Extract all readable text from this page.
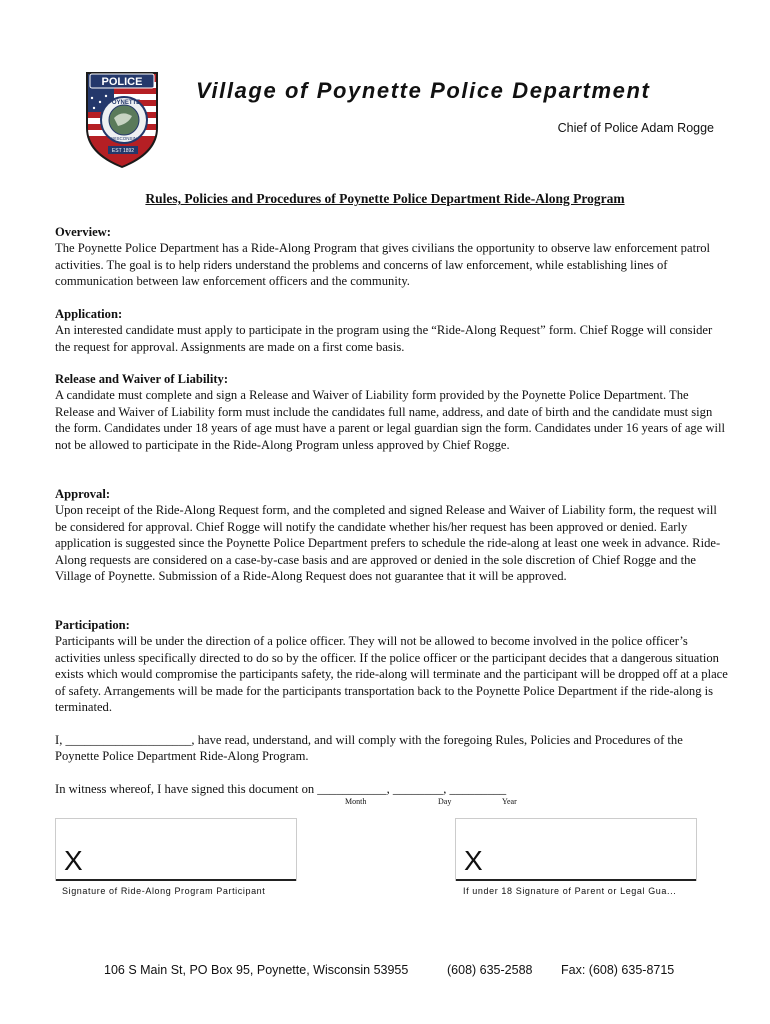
POLICE
POYNETTE
WISCONSIN
EST 1892
Village of Poynette Police Department
Chief of Police Adam Rogge
Rules, Policies and Procedures of Poynette Police Department Ride-Along Program
Overview:

The Poynette Police Department has a Ride-Along Program that gives civilians the opportunity to observe law enforcement patrol activities. The goal is to help riders understand the problems and concerns of law enforcement, while establishing lines of communication between law enforcement officers and the community.

Application:

An interested candidate must apply to participate in the program using the “Ride-Along Request” form. Chief Rogge will consider the request for approval. Assignments are made on a first come basis.

Release and Waiver of Liability:

A candidate must complete and sign a Release and Waiver of Liability form provided by the Poynette Police Department. The Release and Waiver of Liability form must include the candidates full name, address, and date of birth and the candidate must sign the form. Candidates under 18 years of age must have a parent or legal guardian sign the form. Candidates under 16 years of age will not be allowed to participate in the Ride-Along Program unless approved by Chief Rogge.

Approval:

Upon receipt of the Ride-Along Request form, and the completed and signed Release and Waiver of Liability form, the request will be considered for approval. Chief Rogge will notify the candidate whether his/her request has been approved or denied. Early application is suggested since the Poynette Police Department prefers to schedule the ride-along at least one week in advance. Ride-Along requests are considered on a case-by-case basis and are approved or denied in the sole discretion of Chief Rogge and the Village of Poynette. Submission of a Ride-Along Request does not guarantee that it will be approved.

Participation:

Participants will be under the direction of a police officer. They will not be allowed to become involved in the police officer’s activities unless specifically directed to do so by the officer. If the police officer or the participant decides that a dangerous situation exists which would compromise the participants safety, the ride-along will terminate and the participant will be dropped off at a place of safety. Arrangements will be made for the participants transportation back to the Poynette Police Department if the ride-along is terminated.

I, ____________________, have read, understand, and will comply with the foregoing Rules, Policies and Procedures of the Poynette Police Department Ride-Along Program.

In witness whereof, I have signed this document on ___________, ________, _________
Month	Day	Year
X
Signature of Ride-Along Program Participant
X
If under 18 Signature of Parent or Legal Gua...
106 S Main St, PO Box 95, Poynette, Wisconsin 53955	(608) 635-2588 Fax: (608) 635-8715
